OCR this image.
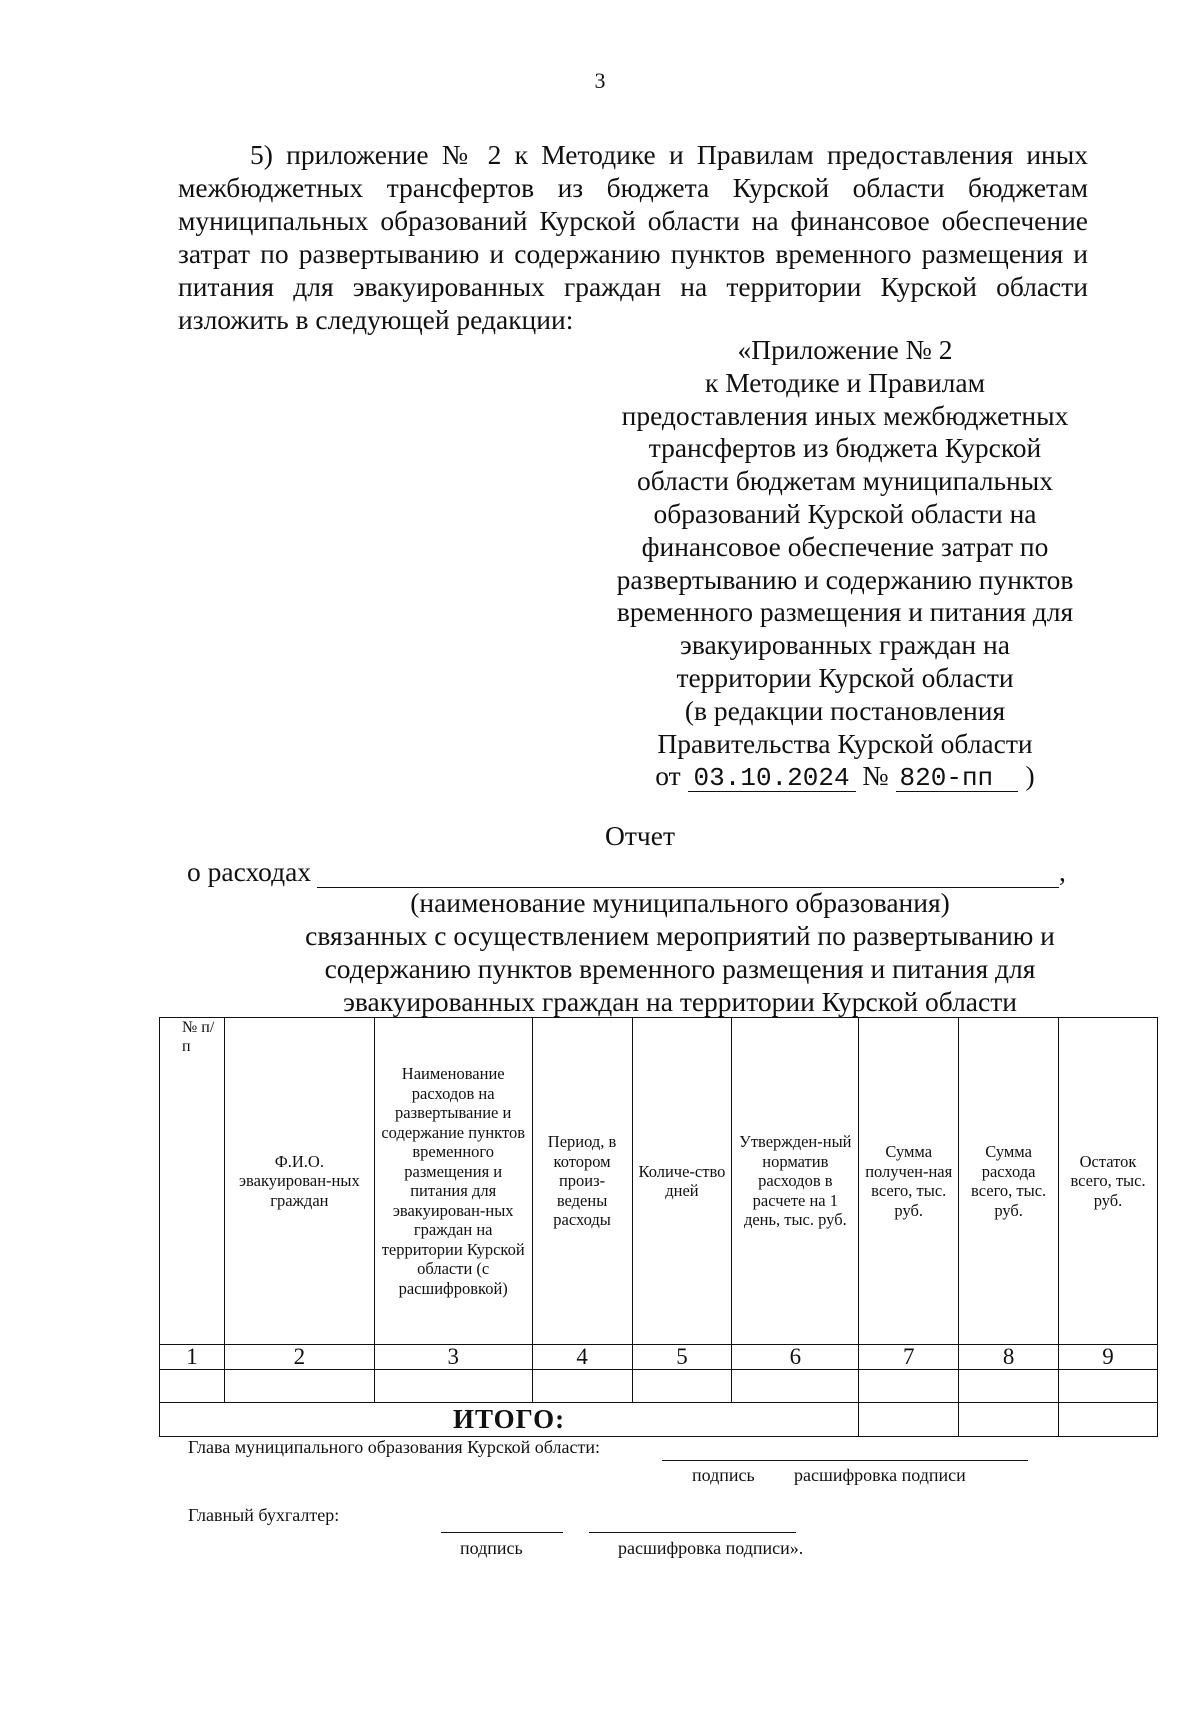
3
5) приложение № 2 к Методике и Правилам предоставления иных
межбюджетных трансфертов из бюджета Курской области бюджетам
муниципальных образований Курской области на финансовое обеспечение
затрат по развертыванию и содержанию пунктов временного размещения и
питания для эвакуированных граждан на территории Курской области
изложить в следующей редакции:
«Приложение № 2
к Методике и Правилам
предоставления иных межбюджетных
трансфертов из бюджета Курской
области бюджетам муниципальных
образований Курской области на
финансовое обеспечение затрат по
развертыванию и содержанию пунктов
временного размещения и питания для
эвакуированных граждан на
территории Курской области
(в редакции постановления
Правительства Курской области
от 03.10.2024 № 820-пп )
Отчет
о расходах	,
(наименование муниципального образования)
связанных с осуществлением мероприятий по развертыванию и
содержанию пунктов временного размещения и питания для
эвакуированных граждан на территории Курской области
№ п/п	Ф.И.О. эвакуирован-ных граждан	Наименование расходов на развертывание и содержание пунктов временного размещения и питания для эвакуирован-ных граждан на территории Курской области (с расшифровкой)	Период, в котором произ-ведены расходы	Количе-ство дней	Утвержден-ный норматив расходов в расчете на 1 день, тыс. руб.	Сумма получен-ная всего, тыс. руб.	Сумма расхода всего, тыс. руб.	Остаток всего, тыс. руб.
1	2	3	4	5	6	7	8	9

ИТОГО:								
Глава муниципального образования Курской области:
подпись расшифровка подписи
Главный бухгалтер:
подпись	расшифровка подписи».
